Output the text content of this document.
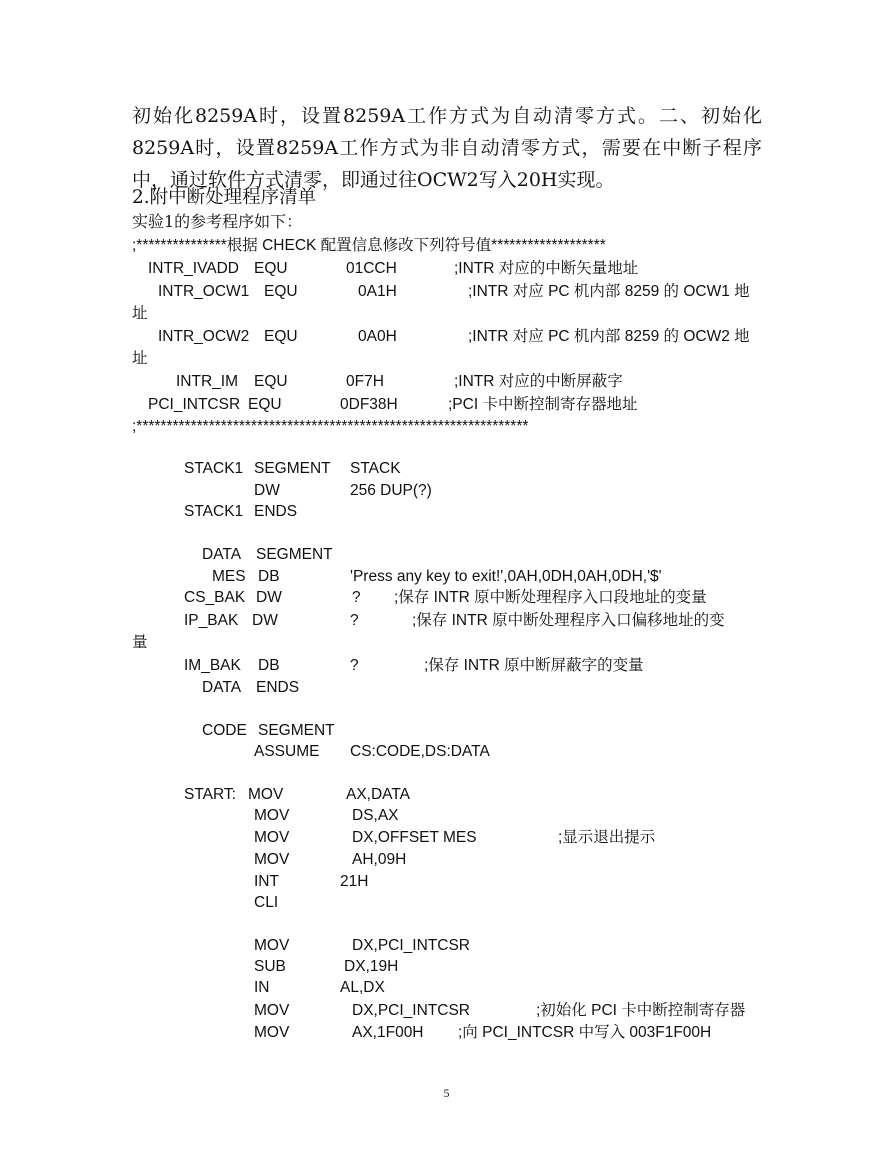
初始化8259A时，设置8259A工作方式为自动清零方式。二、初始化8259A时，设置8259A工作方式为非自动清零方式，需要在中断子程序中，通过软件方式清零，即通过往OCW2写入20H实现。

2.附中断处理程序清单
实验1的参考程序如下：
;***************根据 CHECK 配置信息修改下列符号值*******************
INTR_IVADD EQU	01CCH	;INTR 对应的中断矢量地址
INTR_OCW1 EQU	0A1H	;INTR 对应 PC 机内部 8259 的 OCW1 地
址
INTR_OCW2 EQU	0A0H	;INTR 对应 PC 机内部 8259 的 OCW2 地
址
INTR_IM EQU	0F7H	;INTR 对应的中断屏蔽字
PCI_INTCSR EQU	0DF38H	;PCI 卡中断控制寄存器地址
;*****************************************************************
STACK1 SEGMENT STACK
DW	256 DUP(?)
STACK1 ENDS
DATA SEGMENT
MES DB	'Press any key to exit!',0AH,0DH,0AH,0DH,'$'
CS_BAK DW	? ;保存 INTR 原中断处理程序入口段地址的变量
IP_BAK DW	?	;保存 INTR 原中断处理程序入口偏移地址的变
量
IM_BAK DB	?	;保存 INTR 原中断屏蔽字的变量
DATA ENDS
CODE SEGMENT
ASSUME CS:CODE,DS:DATA
START: MOV	AX,DATA
MOV	DS,AX
MOV	DX,OFFSET MES	;显示退出提示
MOV	AH,09H
INT	21H
CLI
MOV	DX,PCI_INTCSR
SUB	DX,19H
IN	AL,DX
MOV	DX,PCI_INTCSR	;初始化 PCI 卡中断控制寄存器
MOV	AX,1F00H ;向 PCI_INTCSR 中写入 003F1F00H
5
